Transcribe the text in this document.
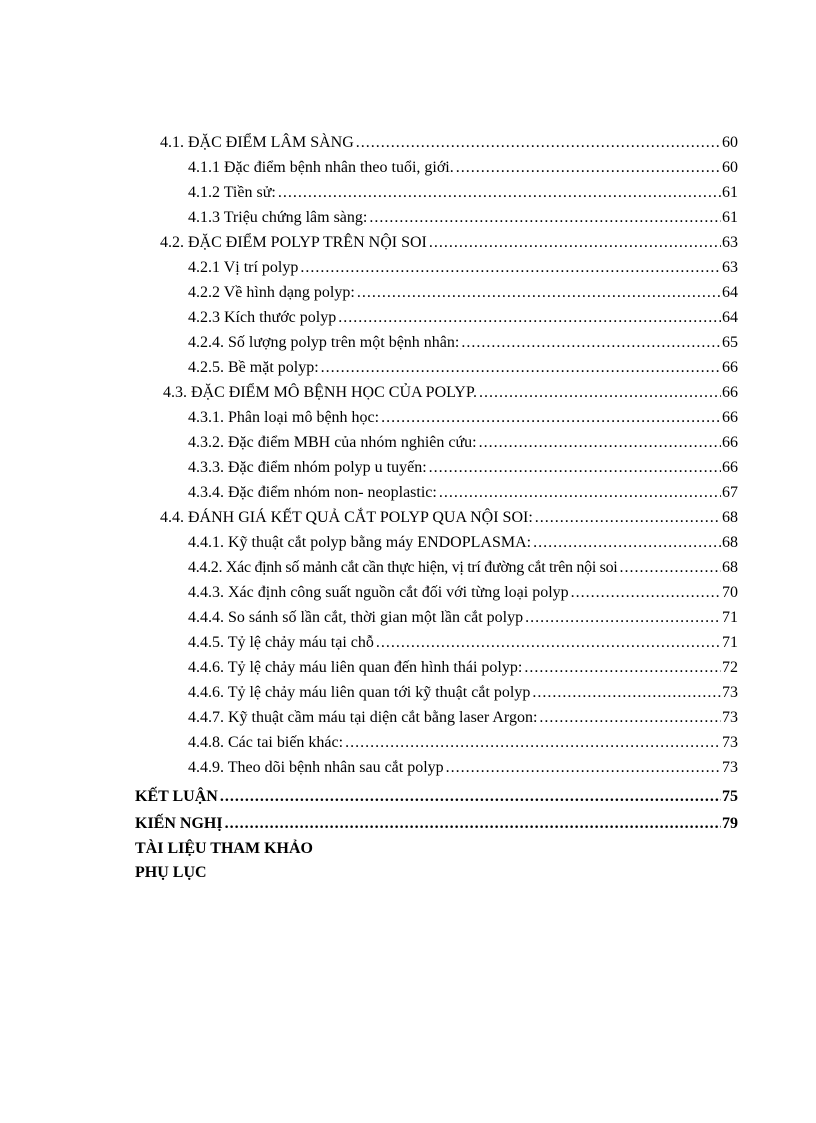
4.1. ĐẶC ĐIỂM LÂM SÀNG .....	60
4.1.1 Đặc điểm bệnh nhân theo tuổi, giới. .....	60
4.1.2 Tiền sử: .....	61
4.1.3 Triệu chứng lâm sàng: .....	61
4.2. ĐẶC ĐIỂM POLYP TRÊN NỘI SOI .....	63
4.2.1 Vị trí polyp .....	63
4.2.2 Về hình dạng polyp: .....	64
4.2.3 Kích thước polyp .....	64
4.2.4. Số lượng polyp trên một bệnh nhân: .....	65
4.2.5. Bề mặt polyp: .....	66
4.3. ĐẶC ĐIỂM MÔ BỆNH HỌC CỦA POLYP. .....	66
4.3.1. Phân loại mô bệnh học: .....	66
4.3.2. Đặc điểm MBH của nhóm nghiên cứu: .....	66
4.3.3. Đặc điểm nhóm polyp u tuyến: .....	66
4.3.4. Đặc điểm nhóm non- neoplastic: .....	67
4.4. ĐÁNH GIÁ KẾT QUẢ CẮT POLYP QUA NỘI SOI: .....	68
4.4.1. Kỹ thuật cắt polyp bằng máy ENDOPLASMA: .....	68
4.4.2. Xác định số mảnh cắt cần thực hiện, vị trí đường cắt trên nội soi .....	68
4.4.3. Xác định công suất nguồn cắt đối với từng loại polyp .....	70
4.4.4. So sánh số lần cắt, thời gian một lần cắt polyp .....	71
4.4.5. Tỷ lệ chảy máu tại chỗ .....	71
4.4.6. Tỷ lệ chảy máu liên quan đến hình thái polyp: .....	72
4.4.6. Tỷ lệ chảy máu liên quan tới kỹ thuật cắt polyp .....	73
4.4.7. Kỹ thuật cầm máu tại diện cắt bằng laser Argon: .....	73
4.4.8. Các tai biến khác: .....	73
4.4.9. Theo dõi bệnh nhân sau cắt polyp .....	73
KẾT LUẬN .....	75
KIẾN NGHỊ .....	79
TÀI LIỆU THAM KHẢO
PHỤ LỤC
